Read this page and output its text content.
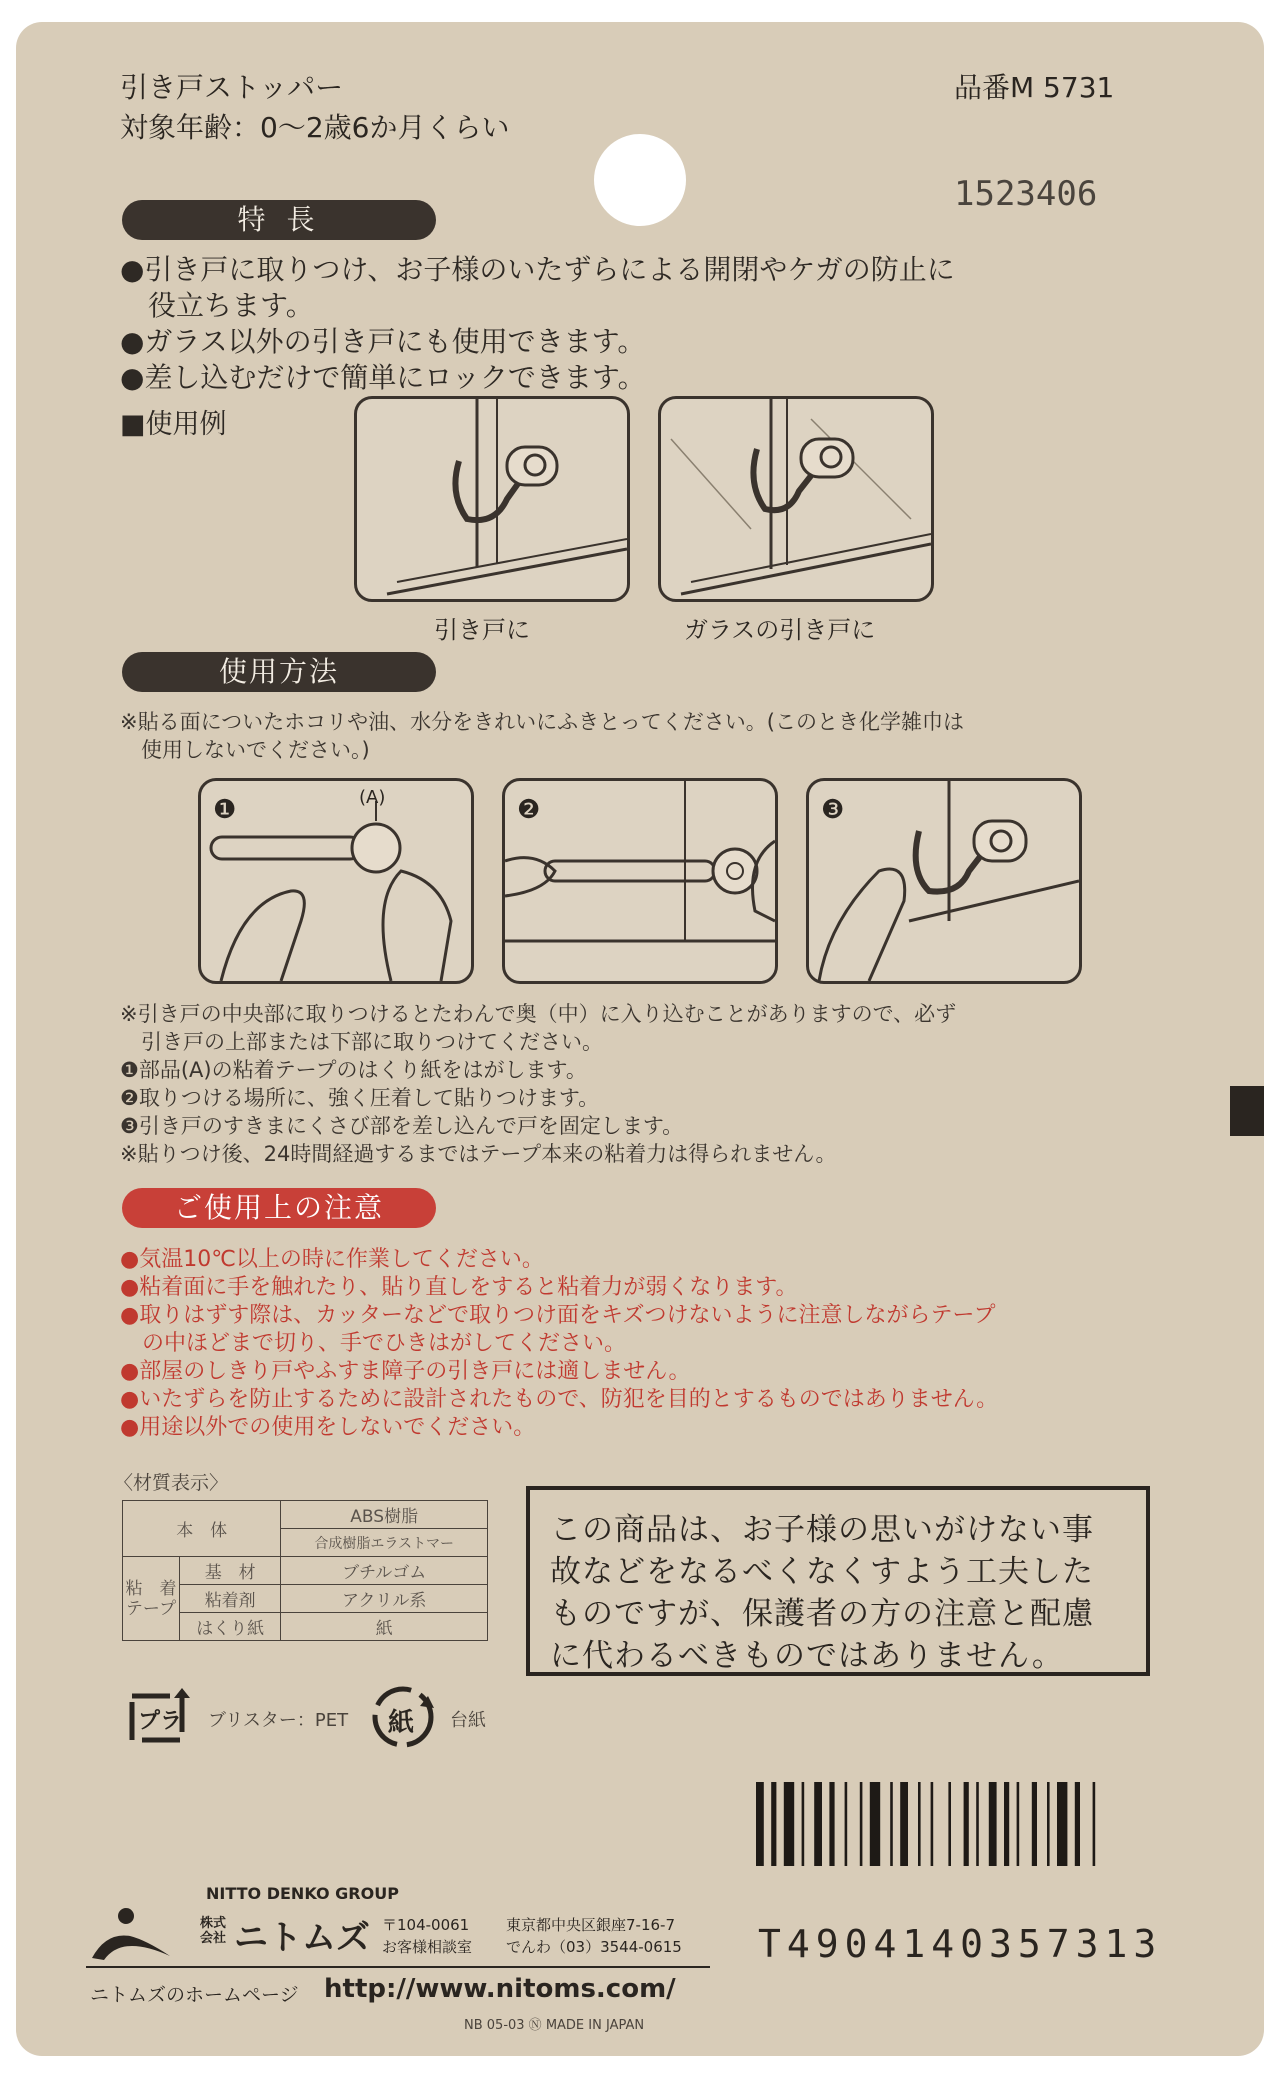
引き戸ストッパー
対象年齢：0〜2歳6か月くらい
品番M 5731
1523406
特 長
●引き戸に取りつけ、お子様のいたずらによる開閉やケガの防止に
　役立ちます。
●ガラス以外の引き戸にも使用できます。
●差し込むだけで簡単にロックできます。
■使用例
引き戸に	ガラスの引き戸に
使用方法
※貼る面についたホコリや油、水分をきれいにふきとってください。(このとき化学雑巾は
　使用しないでください。)
❶	(A)	❷	❸
※引き戸の中央部に取りつけるとたわんで奥（中）に入り込むことがありますので、必ず
　引き戸の上部または下部に取りつけてください。
❶部品(A)の粘着テープのはくり紙をはがします。
❷取りつける場所に、強く圧着して貼りつけます。
❸引き戸のすきまにくさび部を差し込んで戸を固定します。
※貼りつけ後、24時間経過するまではテープ本来の粘着力は得られません。
ご使用上の注意
●気温10℃以上の時に作業してください。
●粘着面に手を触れたり、貼り直しをすると粘着力が弱くなります。
●取りはずす際は、カッターなどで取りつけ面をキズつけないように注意しながらテープ
　の中ほどまで切り、手でひきはがしてください。
●部屋のしきり戸やふすま障子の引き戸には適しません。
●いたずらを防止するために設計されたもので、防犯を目的とするものではありません。
●用途以外での使用をしないでください。
〈材質表示〉
本　体		ABS樹脂
		合成樹脂エラストマー
粘　着
テープ	基　材	ブチルゴム
	粘着剤	アクリル系
	はくり紙	紙
プラ ブリスター：PET 紙 台紙
この商品は、お子様の思いがけない事
故などをなるべくなくすよう工夫した
ものですが、保護者の方の注意と配慮
に代わるべきものではありません。
T4904140357313
NITTO DENKO GROUP
株式
会社 ニトムズ 〒104-0061 東京都中央区銀座7-16-7
お客様相談室 でんわ（03）3544-0615
ニトムズのホームページ http://www.nitoms.com/
NB 05-03 Ⓝ MADE IN JAPAN
